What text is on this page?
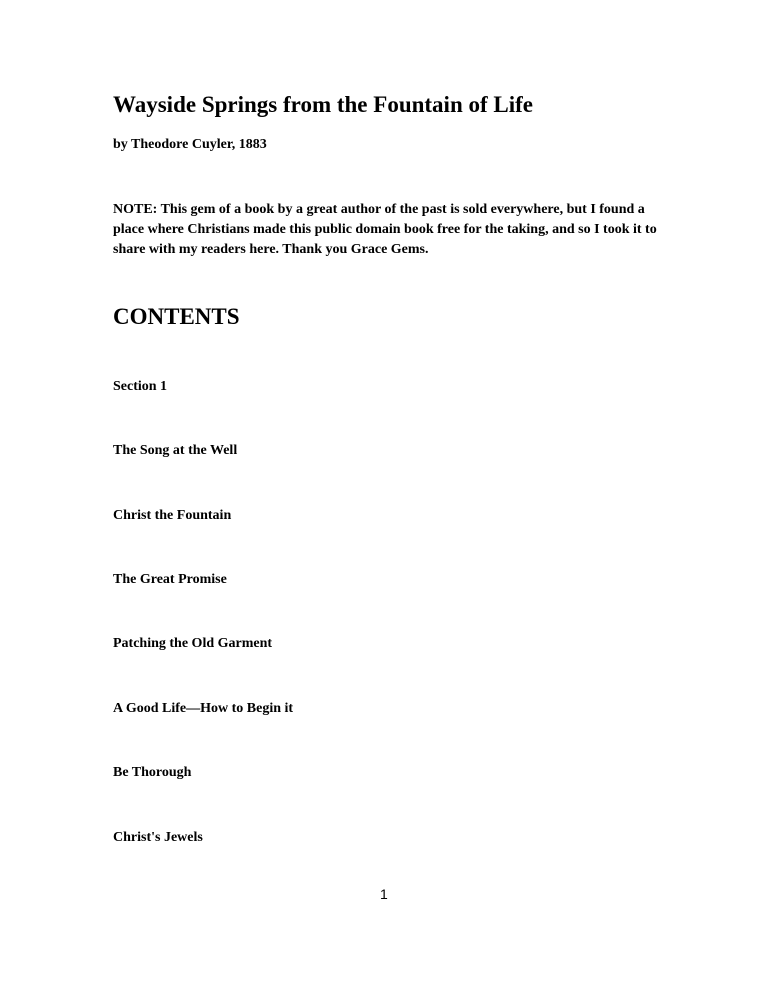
Wayside Springs from the Fountain of Life

by Theodore Cuyler, 1883

NOTE: This gem of a book by a great author of the past is sold everywhere, but I found a place where Christians made this public domain book free for the taking, and so I took it to share with my readers here. Thank you Grace Gems.

CONTENTS
Section 1
The Song at the Well
Christ the Fountain
The Great Promise
Patching the Old Garment
A Good Life—How to Begin it
Be Thorough
Christ's Jewels
1
